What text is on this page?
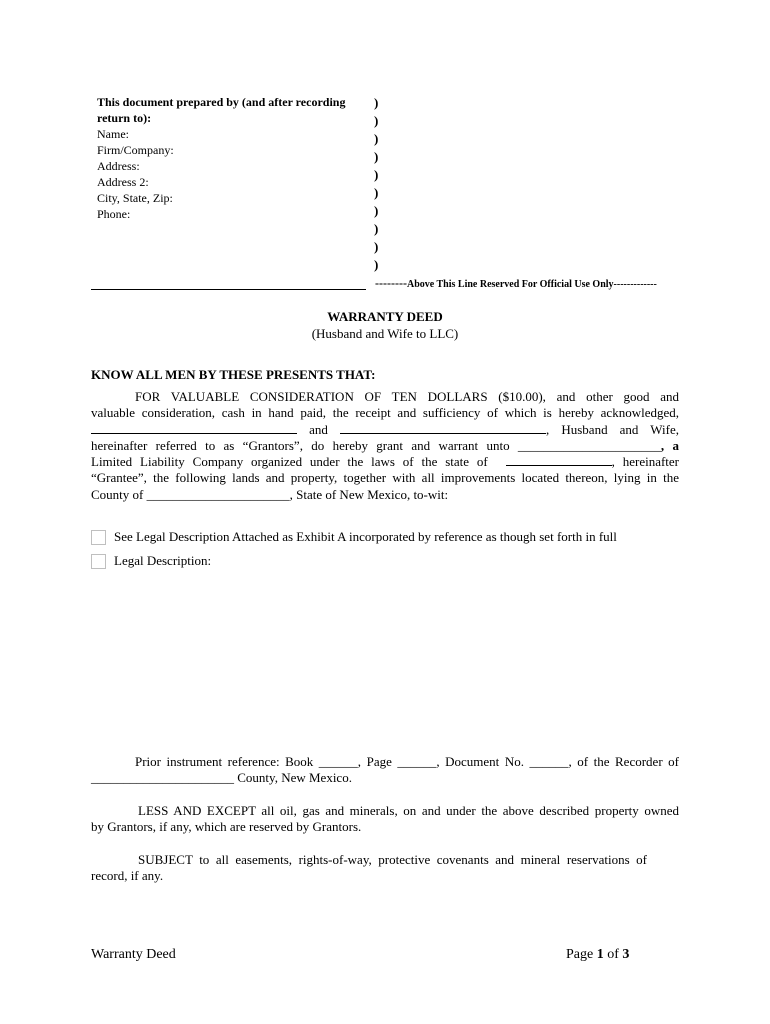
This document prepared by (and after recording return to):
Name:
Firm/Company:
Address:
Address 2:
City, State, Zip:
Phone:
)
)
)
)
)
)
)
)
)
)
--------Above This Line Reserved For Official Use Only-------------
WARRANTY DEED
(Husband and Wife to LLC)
KNOW ALL MEN BY THESE PRESENTS THAT:
FOR VALUABLE CONSIDERATION OF TEN DOLLARS ($10.00), and other good and
valuable consideration, cash in hand paid, the receipt and sufficiency of which is hereby acknowledged,
and	, Husband and Wife,
hereinafter referred to as “Grantors”, do hereby grant and warrant unto ______________________, a
Limited Liability Company organized under the laws of the state of	, hereinafter
“Grantee”, the following lands and property, together with all improvements located thereon, lying in the
County of ______________________, State of New Mexico, to-wit:
See Legal Description Attached as Exhibit A incorporated by reference as though set forth in full
Legal Description:
Prior instrument reference: Book ______, Page ______, Document No. ______, of the Recorder of
______________________ County, New Mexico.
LESS AND EXCEPT all oil, gas and minerals, on and under the above described property owned
by Grantors, if any, which are reserved by Grantors.
SUBJECT to all easements, rights-of-way, protective covenants and mineral reservations of
record, if any.
Warranty Deed	Page 1 of 3
